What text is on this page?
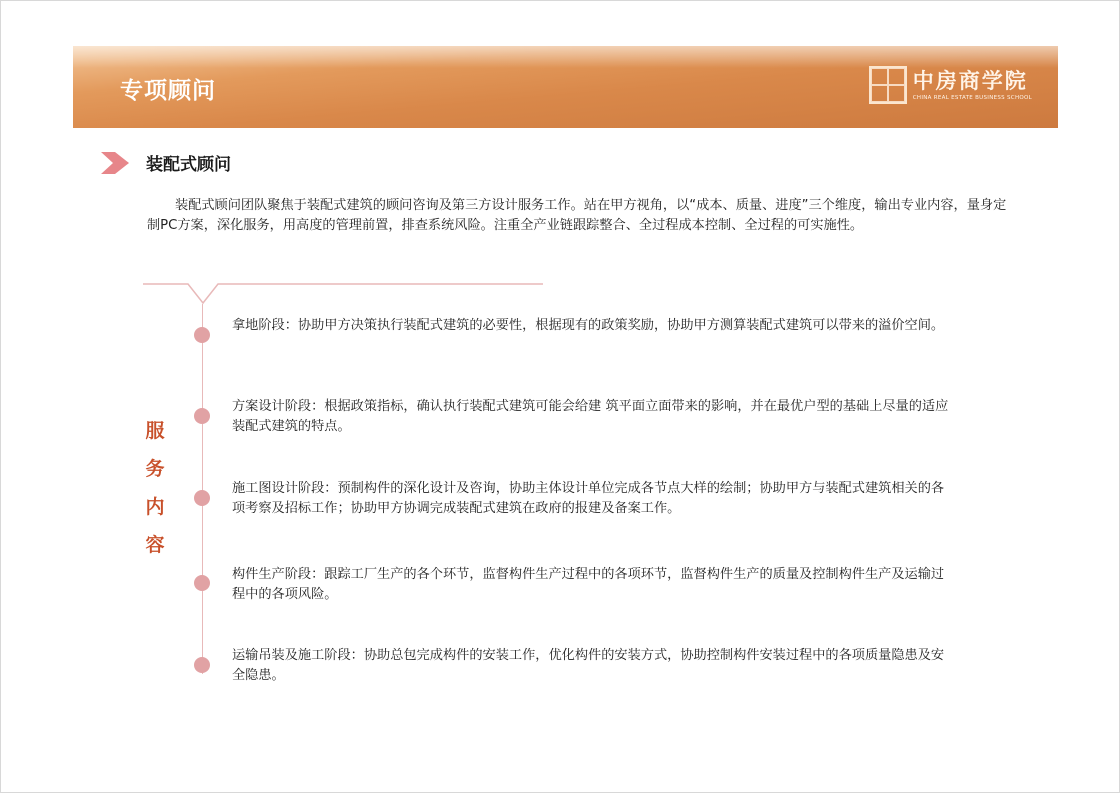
专项顾问	中房商学院
CHINA REAL ESTATE BUSINESS SCHOOL
装配式顾问

装配式顾问团队聚焦于装配式建筑的顾问咨询及第三方设计服务工作。站在甲方视角，以“成本、质量、进度”三个维度，输出专业内容，量身定制PC方案，深化服务，用高度的管理前置，排查系统风险。注重全产业链跟踪整合、全过程成本控制、全过程的可实施性。

服
务
内
容
拿地阶段：协助甲方决策执行装配式建筑的必要性，根据现有的政策奖励，协助甲方测算装配式建筑可以带来的溢价空间。
方案设计阶段：根据政策指标，确认执行装配式建筑可能会给建 筑平面立面带来的影响，并在最优户型的基础上尽量的适应装配式建筑的特点。
施工图设计阶段：预制构件的深化设计及咨询，协助主体设计单位完成各节点大样的绘制；协助甲方与装配式建筑相关的各项考察及招标工作；协助甲方协调完成装配式建筑在政府的报建及备案工作。
构件生产阶段：跟踪工厂生产的各个环节，监督构件生产过程中的各项环节，监督构件生产的质量及控制构件生产及运输过程中的各项风险。
运输吊装及施工阶段：协助总包完成构件的安装工作，优化构件的安装方式，协助控制构件安装过程中的各项质量隐患及安全隐患。
